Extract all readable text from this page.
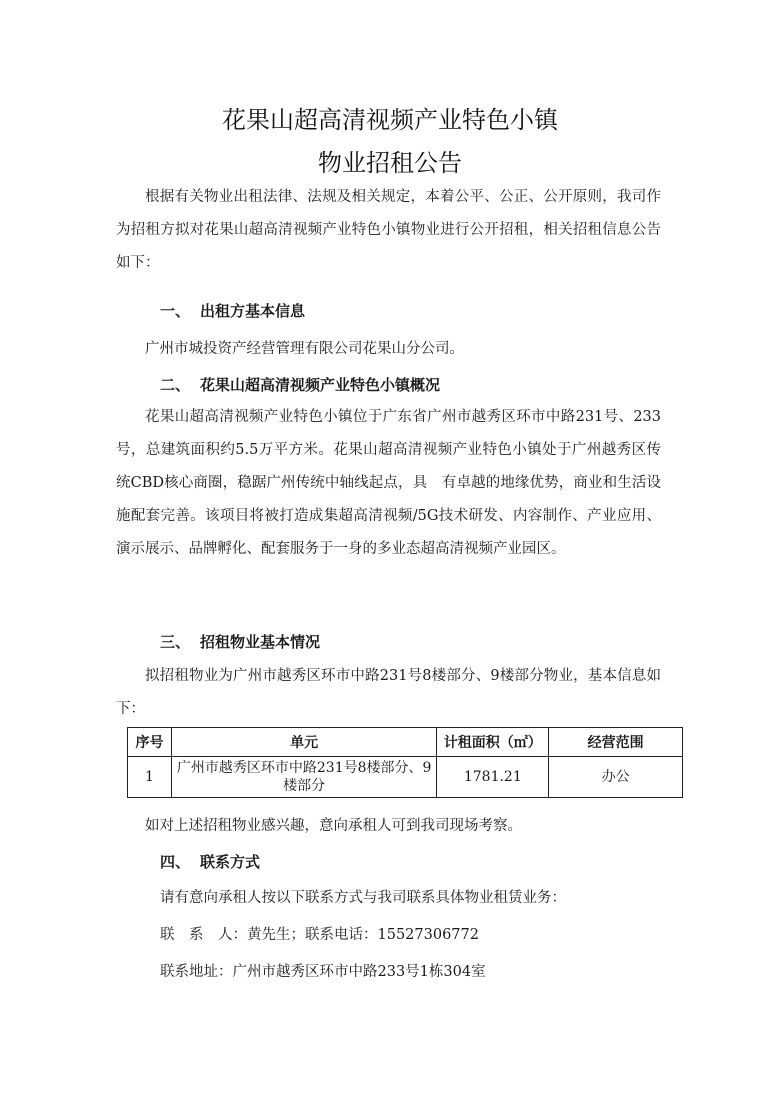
花果山超高清视频产业特色小镇
物业招租公告

根据有关物业出租法律、法规及相关规定，本着公平、公正、公开原则，我司作为招租方拟对花果山超高清视频产业特色小镇物业进行公开招租，相关招租信息公告如下：

一、 出租方基本信息
广州市城投资产经营管理有限公司花果山分公司。
二、 花果山超高清视频产业特色小镇概况

花果山超高清视频产业特色小镇位于广东省广州市越秀区环市中路231号、233号，总建筑面积约5.5万平方米。花果山超高清视频产业特色小镇处于广州越秀区传统CBD核心商圈，稳踞广州传统中轴线起点，具　有卓越的地缘优势，商业和生活设施配套完善。该项目将被打造成集超高清视频/5G技术研发、内容制作、产业应用、演示展示、品牌孵化、配套服务于一身的多业态超高清视频产业园区。

三、 招租物业基本情况

拟招租物业为广州市越秀区环市中路231号8楼部分、9楼部分物业，基本信息如下：

序号	单元	计租面积（㎡）	经营范围
1	广州市越秀区环市中路231号8楼部分、9楼部分	1781.21	办公
如对上述招租物业感兴趣，意向承租人可到我司现场考察。
四、 联系方式
请有意向承租人按以下联系方式与我司联系具体物业租赁业务：
联　系　人：黄先生；联系电话：15527306772
联系地址：广州市越秀区环市中路233号1栋304室
